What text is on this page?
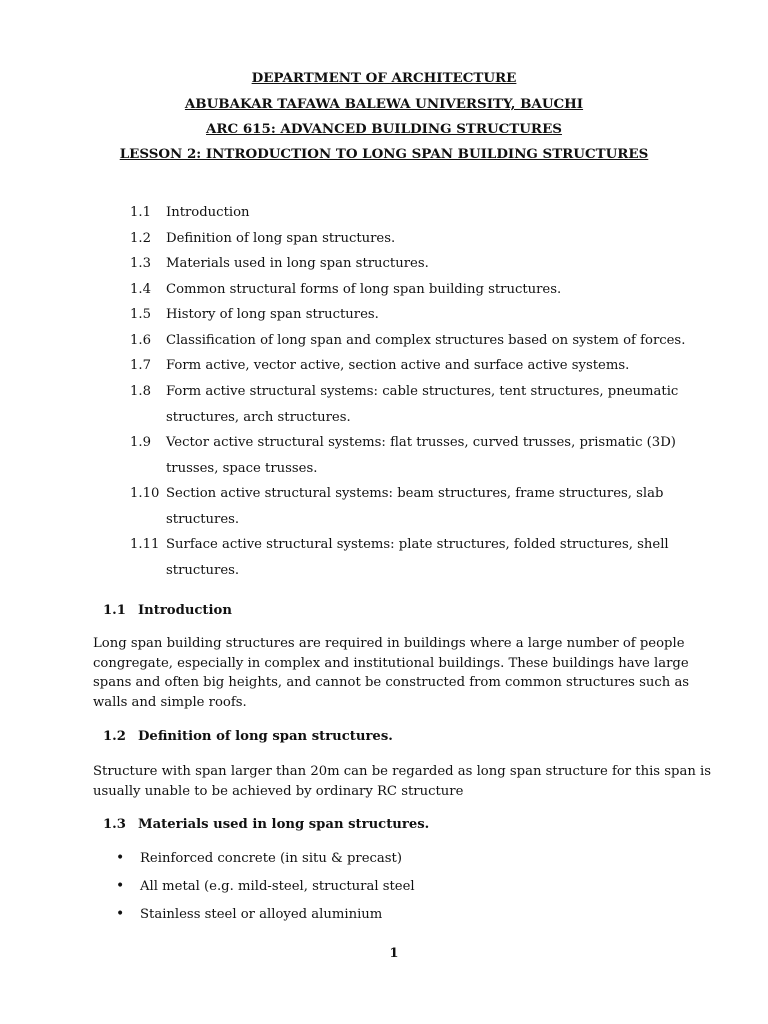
DEPARTMENT OF ARCHITECTURE
ABUBAKAR TAFAWA BALEWA UNIVERSITY, BAUCHI
ARC 615: ADVANCED BUILDING STRUCTURES
LESSON 2: INTRODUCTION TO LONG SPAN BUILDING STRUCTURES
1.1 Introduction
1.2 Definition of long span structures.
1.3 Materials used in long span structures.
1.4 Common structural forms of long span building structures.
1.5 History of long span structures.
1.6 Classification of long span and complex structures based on system of forces.
1.7 Form active, vector active, section active and surface active systems.
1.8 Form active structural systems: cable structures, tent structures, pneumatic
structures, arch structures.
1.9 Vector active structural systems: flat trusses, curved trusses, prismatic (3D)
trusses, space trusses.
1.10 Section active structural systems: beam structures, frame structures, slab
structures.
1.11 Surface active structural systems: plate structures, folded structures, shell
structures.
1.1 Introduction
Long span building structures are required in buildings where a large number of people
congregate, especially in complex and institutional buildings. These buildings have large
spans and often big heights, and cannot be constructed from common structures such as
walls and simple roofs.
1.2 Definition of long span structures.
Structure with span larger than 20m can be regarded as long span structure for this span is
usually unable to be achieved by ordinary RC structure
1.3 Materials used in long span structures.
• Reinforced concrete (in situ & precast)
• All metal (e.g. mild-steel, structural steel
• Stainless steel or alloyed aluminium
1
